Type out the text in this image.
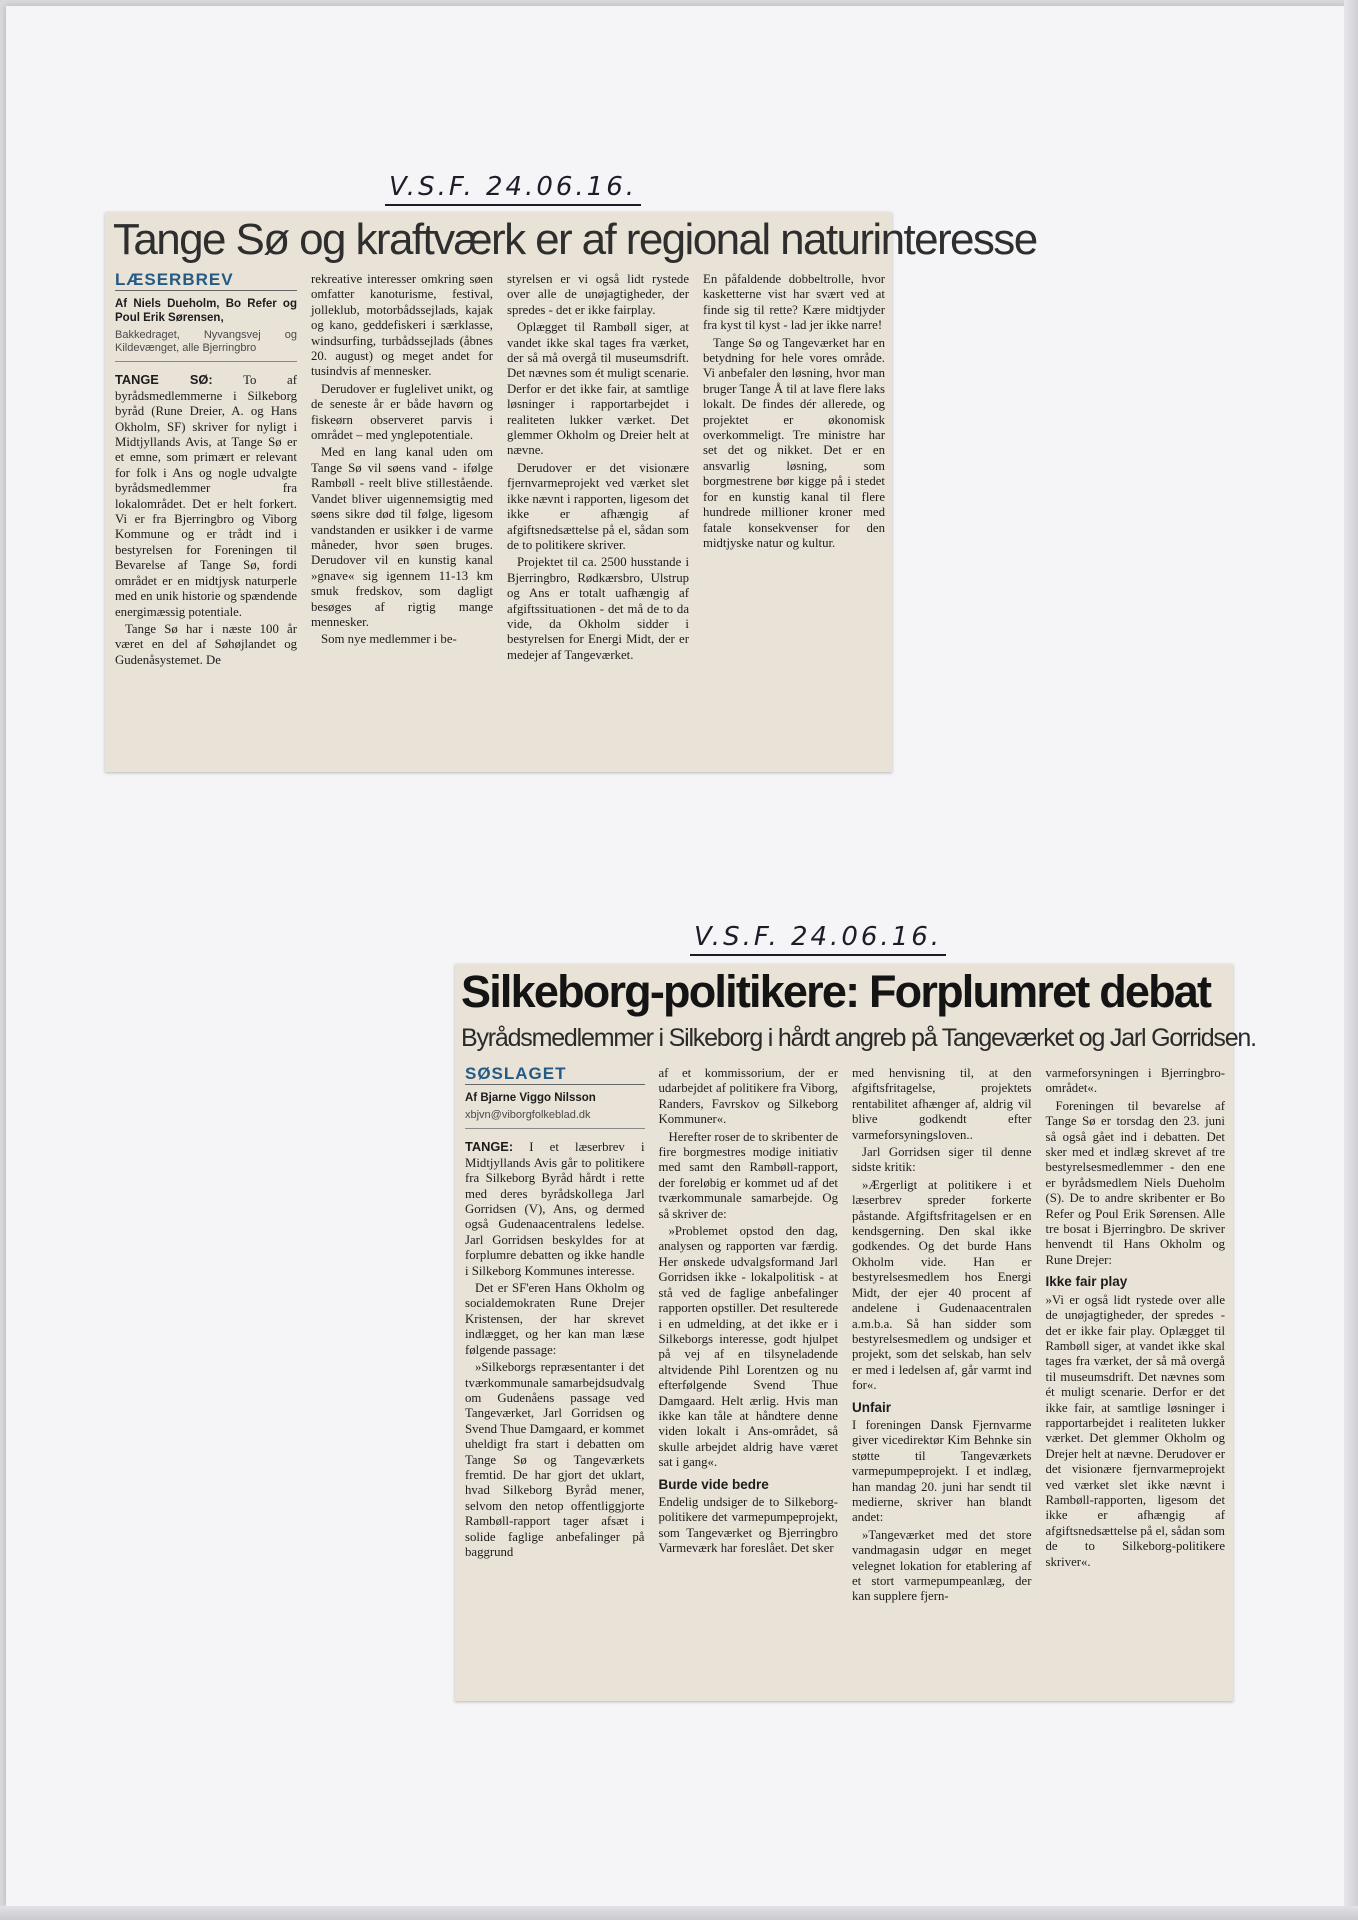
V.S.F. 24.06.16.
Tange Sø og kraftværk er af regional naturinteresse
LÆSERBREV
Af Niels Dueholm, Bo Refer og Poul Erik Sørensen,
Bakkedraget, Nyvangsvej og Kildevænget, alle Bjerringbro

TANGE SØ: To af byrådsmedlemmerne i Silkeborg byråd (Rune Dreier, A. og Hans Okholm, SF) skriver for nyligt i Midtjyllands Avis, at Tange Sø er et emne, som primært er relevant for folk i Ans og nogle udvalgte byrådsmedlemmer fra lokalområdet. Det er helt forkert. Vi er fra Bjerringbro og Viborg Kommune og er trådt ind i bestyrelsen for Foreningen til Bevarelse af Tange Sø, fordi området er en midtjysk naturperle med en unik historie og spændende energimæssig potentiale.

Tange Sø har i næste 100 år været en del af Søhøjlandet og Gudenåsystemet. De

rekreative interesser omkring søen omfatter kanoturisme, festival, jolleklub, motorbådssejlads, kajak og kano, geddefiskeri i særklasse, windsurfing, turbådssejlads (åbnes 20. august) og meget andet for tusindvis af mennesker.

Derudover er fuglelivet unikt, og de seneste år er både havørn og fiskeørn observeret parvis i området – med ynglepotentiale.

Med en lang kanal uden om Tange Sø vil søens vand - ifølge Rambøll - reelt blive stillestående. Vandet bliver uigennemsigtig med søens sikre død til følge, ligesom vandstanden er usikker i de varme måneder, hvor søen bruges. Derudover vil en kunstig kanal »gnave« sig igennem 11-13 km smuk fredskov, som dagligt besøges af rigtig mange mennesker.

Som nye medlemmer i be-

styrelsen er vi også lidt rystede over alle de unøjagtigheder, der spredes - det er ikke fairplay.

Oplægget til Rambøll siger, at vandet ikke skal tages fra værket, der så må overgå til museumsdrift. Det nævnes som ét muligt scenarie. Derfor er det ikke fair, at samtlige løsninger i rapportarbejdet i realiteten lukker værket. Det glemmer Okholm og Dreier helt at nævne.

Derudover er det visionære fjernvarmeprojekt ved værket slet ikke nævnt i rapporten, ligesom det ikke er afhængig af afgiftsnedsættelse på el, sådan som de to politikere skriver.

Projektet til ca. 2500 husstande i Bjerringbro, Rødkærsbro, Ulstrup og Ans er totalt uafhængig af afgiftssituationen - det må de to da vide, da Okholm sidder i bestyrelsen for Energi Midt, der er medejer af Tangeværket.

En påfaldende dobbeltrolle, hvor kasketterne vist har svært ved at finde sig til rette? Kære midtjyder fra kyst til kyst - lad jer ikke narre!

Tange Sø og Tangeværket har en betydning for hele vores område. Vi anbefaler den løsning, hvor man bruger Tange Å til at lave flere laks lokalt. De findes dér allerede, og projektet er økonomisk overkommeligt. Tre ministre har set det og nikket. Det er en ansvarlig løsning, som borgmestrene bør kigge på i stedet for en kunstig kanal til flere hundrede millioner kroner med fatale konsekvenser for den midtjyske natur og kultur.

V.S.F. 24.06.16.
Silkeborg-politikere: Forplumret debat
Byrådsmedlemmer i Silkeborg i hårdt angreb på Tangeværket og Jarl Gorridsen.
SØSLAGET
Af Bjarne Viggo Nilsson
xbjvn@viborgfolkeblad.dk

TANGE: I et læserbrev i Midtjyllands Avis går to politikere fra Silkeborg Byråd hårdt i rette med deres byrådskollega Jarl Gorridsen (V), Ans, og dermed også Gudenaacentralens ledelse. Jarl Gorridsen beskyldes for at forplumre debatten og ikke handle i Silkeborg Kommunes interesse.

Det er SF'eren Hans Okholm og socialdemokraten Rune Drejer Kristensen, der har skrevet indlægget, og her kan man læse følgende passage:

»Silkeborgs repræsentanter i det tværkommunale samarbejdsudvalg om Gudenåens passage ved Tangeværket, Jarl Gorridsen og Svend Thue Damgaard, er kommet uheldigt fra start i debatten om Tange Sø og Tangeværkets fremtid. De har gjort det uklart, hvad Silkeborg Byråd mener, selvom den netop offentliggjorte Rambøll-rapport tager afsæt i solide faglige anbefalinger på baggrund

af et kommissorium, der er udarbejdet af politikere fra Viborg, Randers, Favrskov og Silkeborg Kommuner«.

Herefter roser de to skribenter de fire borgmestres modige initiativ med samt den Rambøll-rapport, der foreløbig er kommet ud af det tværkommunale samarbejde. Og så skriver de:

»Problemet opstod den dag, analysen og rapporten var færdig. Her ønskede udvalgsformand Jarl Gorridsen ikke - lokalpolitisk - at stå ved de faglige anbefalinger rapporten opstiller. Det resulterede i en udmelding, at det ikke er i Silkeborgs interesse, godt hjulpet på vej af en tilsyneladende altvidende Pihl Lorentzen og nu efterfølgende Svend Thue Damgaard. Helt ærlig. Hvis man ikke kan tåle at håndtere denne viden lokalt i Ans-området, så skulle arbejdet aldrig have været sat i gang«.

Burde vide bedre

Endelig undsiger de to Silkeborg-politikere det varmepumpeprojekt, som Tangeværket og Bjerringbro Varmeværk har foreslået. Det sker

med henvisning til, at den afgiftsfritagelse, projektets rentabilitet afhænger af, aldrig vil blive godkendt efter varmeforsyningsloven..

Jarl Gorridsen siger til denne sidste kritik:

»Ærgerligt at politikere i et læserbrev spreder forkerte påstande. Afgiftsfritagelsen er en kendsgerning. Den skal ikke godkendes. Og det burde Hans Okholm vide. Han er bestyrelsesmedlem hos Energi Midt, der ejer 40 procent af andelene i Gudenaacentralen a.m.b.a. Så han sidder som bestyrelsesmedlem og undsiger et projekt, som det selskab, han selv er med i ledelsen af, går varmt ind for«.

Unfair

I foreningen Dansk Fjernvarme giver vicedirektør Kim Behnke sin støtte til Tangeværkets varmepumpeprojekt. I et indlæg, han mandag 20. juni har sendt til medierne, skriver han blandt andet:

»Tangeværket med det store vandmagasin udgør en meget velegnet lokation for etablering af et stort varmepumpeanlæg, der kan supplere fjern-

varmeforsyningen i Bjerringbro-området«.

Foreningen til bevarelse af Tange Sø er torsdag den 23. juni så også gået ind i debatten. Det sker med et indlæg skrevet af tre bestyrelsesmedlemmer - den ene er byrådsmedlem Niels Dueholm (S). De to andre skribenter er Bo Refer og Poul Erik Sørensen. Alle tre bosat i Bjerringbro. De skriver henvendt til Hans Okholm og Rune Drejer:

Ikke fair play

»Vi er også lidt rystede over alle de unøjagtigheder, der spredes - det er ikke fair play. Oplægget til Rambøll siger, at vandet ikke skal tages fra værket, der så må overgå til museumsdrift. Det nævnes som ét muligt scenarie. Derfor er det ikke fair, at samtlige løsninger i rapportarbejdet i realiteten lukker værket. Det glemmer Okholm og Drejer helt at nævne. Derudover er det visionære fjernvarmeprojekt ved værket slet ikke nævnt i Rambøll-rapporten, ligesom det ikke er afhængig af afgiftsnedsættelse på el, sådan som de to Silkeborg-politikere skriver«.
